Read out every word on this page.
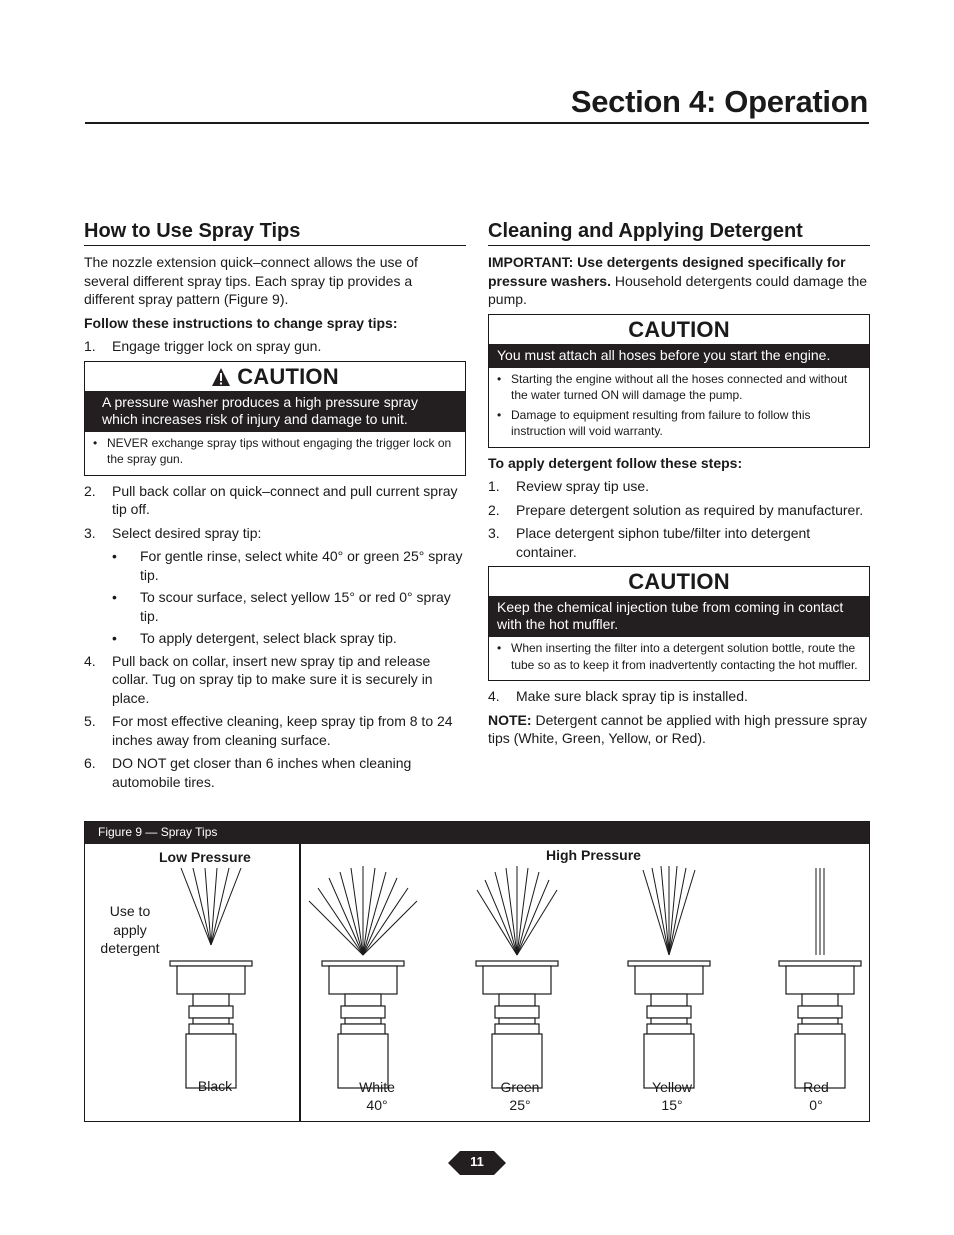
Section 4: Operation
How to Use Spray Tips

The nozzle extension quick–connect allows the use of several different spray tips. Each spray tip provides a different spray pattern (Figure 9).

Follow these instructions to change spray tips:

1.	Engage trigger lock on spray gun.
CAUTION
A pressure washer produces a high pressure spray which increases risk of injury and damage to unit.
• NEVER exchange spray tips without engaging the trigger lock on the spray gun.
2.	Pull back collar on quick–connect and pull current spray tip off.
3.	Select desired spray tip:
•	For gentle rinse, select white 40° or green 25° spray tip.
•	To scour surface, select yellow 15° or red 0° spray tip.
•	To apply detergent, select black spray tip.
4.	Pull back on collar, insert new spray tip and release collar. Tug on spray tip to make sure it is securely in place.
5.	For most effective cleaning, keep spray tip from 8 to 24 inches away from cleaning surface.
6.	DO NOT get closer than 6 inches when cleaning automobile tires.
Cleaning and Applying Detergent

IMPORTANT: Use detergents designed specifically for pressure washers. Household detergents could damage the pump.

CAUTION
You must attach all hoses before you start the engine.
• Starting the engine without all the hoses connected and without the water turned ON will damage the pump.
• Damage to equipment resulting from failure to follow this instruction will void warranty.

To apply detergent follow these steps:

1.	Review spray tip use.
2.	Prepare detergent solution as required by manufacturer.
3.	Place detergent siphon tube/filter into detergent container.
CAUTION
Keep the chemical injection tube from coming in contact with the hot muffler.
• When inserting the filter into a detergent solution bottle, route the tube so as to keep it from inadvertently contacting the hot muffler.
4.	Make sure black spray tip is installed.

NOTE: Detergent cannot be applied with high pressure spray tips (White, Green, Yellow, or Red).

Figure 9 — Spray Tips
Low Pressure	High Pressure
Use to
apply
detergent
Black	White
40°
Green
25°
Yellow
15°
Red
0°
11
